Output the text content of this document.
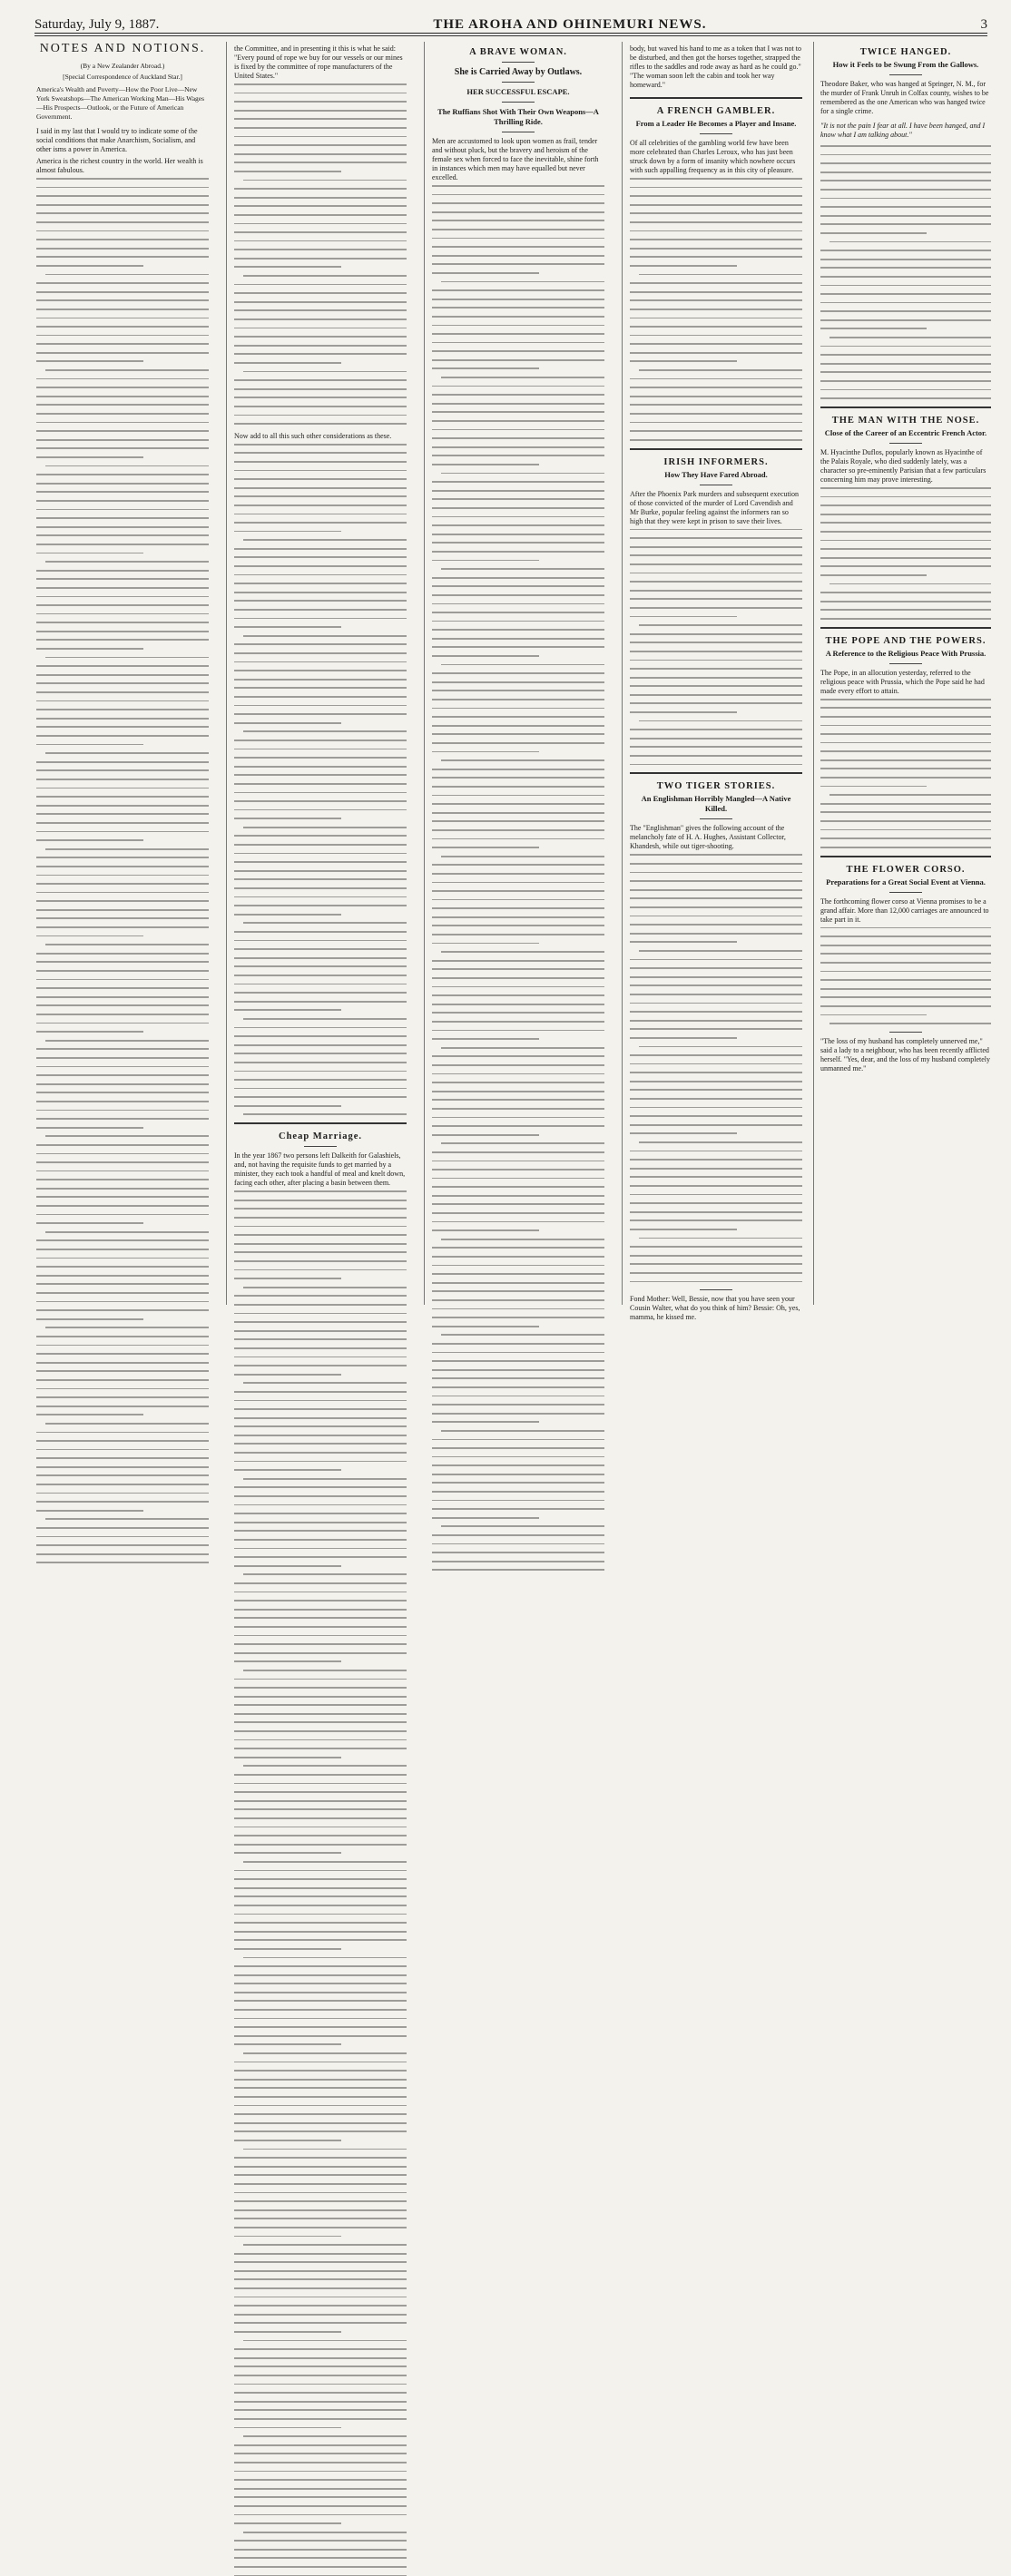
Saturday, July 9, 1887.	THE AROHA AND OHINEMURI NEWS.	3
NOTES AND NOTIONS.
(By a New Zealander Abroad.)
[Special Correspondence of Auckland Star.]
America's Wealth and Poverty—How the Poor Live—New York Sweatshops—The American Working Man—His Wages—His Prospects—Outlook, or the Future of American Government.
I said in my last that I would try to indicate some of the social conditions that make Anarchism, Socialism, and other isms a power in America.
America is the richest country in the world. Her wealth is almost fabulous.
the Committee, and in presenting it this is what he said: "Every pound of rope we buy for our vessels or our mines is fixed by the committee of rope manufacturers of the United States."
Now add to all this such other considerations as these.
Cheap Marriage.
In the year 1867 two persons left Dalkeith for Galashiels, and, not having the requisite funds to get married by a minister, they each took a handful of meal and knelt down, facing each other, after placing a basin between them.
A BRAVE WOMAN.
She is Carried Away by Outlaws.
HER SUCCESSFUL ESCAPE.
The Ruffians Shot With Their Own Weapons—A Thrilling Ride.
Men are accustomed to look upon women as frail, tender and without pluck, but the bravery and heroism of the female sex when forced to face the inevitable, shine forth in instances which men may have equalled but never excelled.
body, but waved his hand to me as a token that I was not to be disturbed, and then got the horses together, strapped the rifles to the saddles and rode away as hard as he could go." "The woman soon left the cabin and took her way homeward."
A FRENCH GAMBLER.
From a Leader He Becomes a Player and Insane.
Of all celebrities of the gambling world few have been more celebrated than Charles Leroux, who has just been struck down by a form of insanity which nowhere occurs with such appalling frequency as in this city of pleasure.
IRISH INFORMERS.
How They Have Fared Abroad.
After the Phoenix Park murders and subsequent execution of those convicted of the murder of Lord Cavendish and Mr Burke, popular feeling against the informers ran so high that they were kept in prison to save their lives.
TWO TIGER STORIES.
An Englishman Horribly Mangled—A Native Killed.
The "Englishman" gives the following account of the melancholy fate of H. A. Hughes, Assistant Collector, Khandesh, while out tiger-shooting.
Fond Mother: Well, Bessie, now that you have seen your Cousin Walter, what do you think of him? Bessie: Oh, yes, mamma, he kissed me.
TWICE HANGED.
How it Feels to be Swung From the Gallows.
Theodore Baker, who was hanged at Springer, N. M., for the murder of Frank Unruh in Colfax county, wishes to be remembered as the one American who was hanged twice for a single crime.
"It is not the pain I fear at all. I have been hanged, and I know what I am talking about."
THE MAN WITH THE NOSE.
Close of the Career of an Eccentric French Actor.
M. Hyacinthe Duflos, popularly known as Hyacinthe of the Palais Royale, who died suddenly lately, was a character so pre-eminently Parisian that a few particulars concerning him may prove interesting.
THE POPE AND THE POWERS.
A Reference to the Religious Peace With Prussia.
The Pope, in an allocution yesterday, referred to the religious peace with Prussia, which the Pope said he had made every effort to attain.
THE FLOWER CORSO.
Preparations for a Great Social Event at Vienna.
The forthcoming flower corso at Vienna promises to be a grand affair. More than 12,000 carriages are announced to take part in it.
"The loss of my husband has completely unnerved me," said a lady to a neighbour, who has been recently afflicted herself. "Yes, dear, and the loss of my husband completely unmanned me."
